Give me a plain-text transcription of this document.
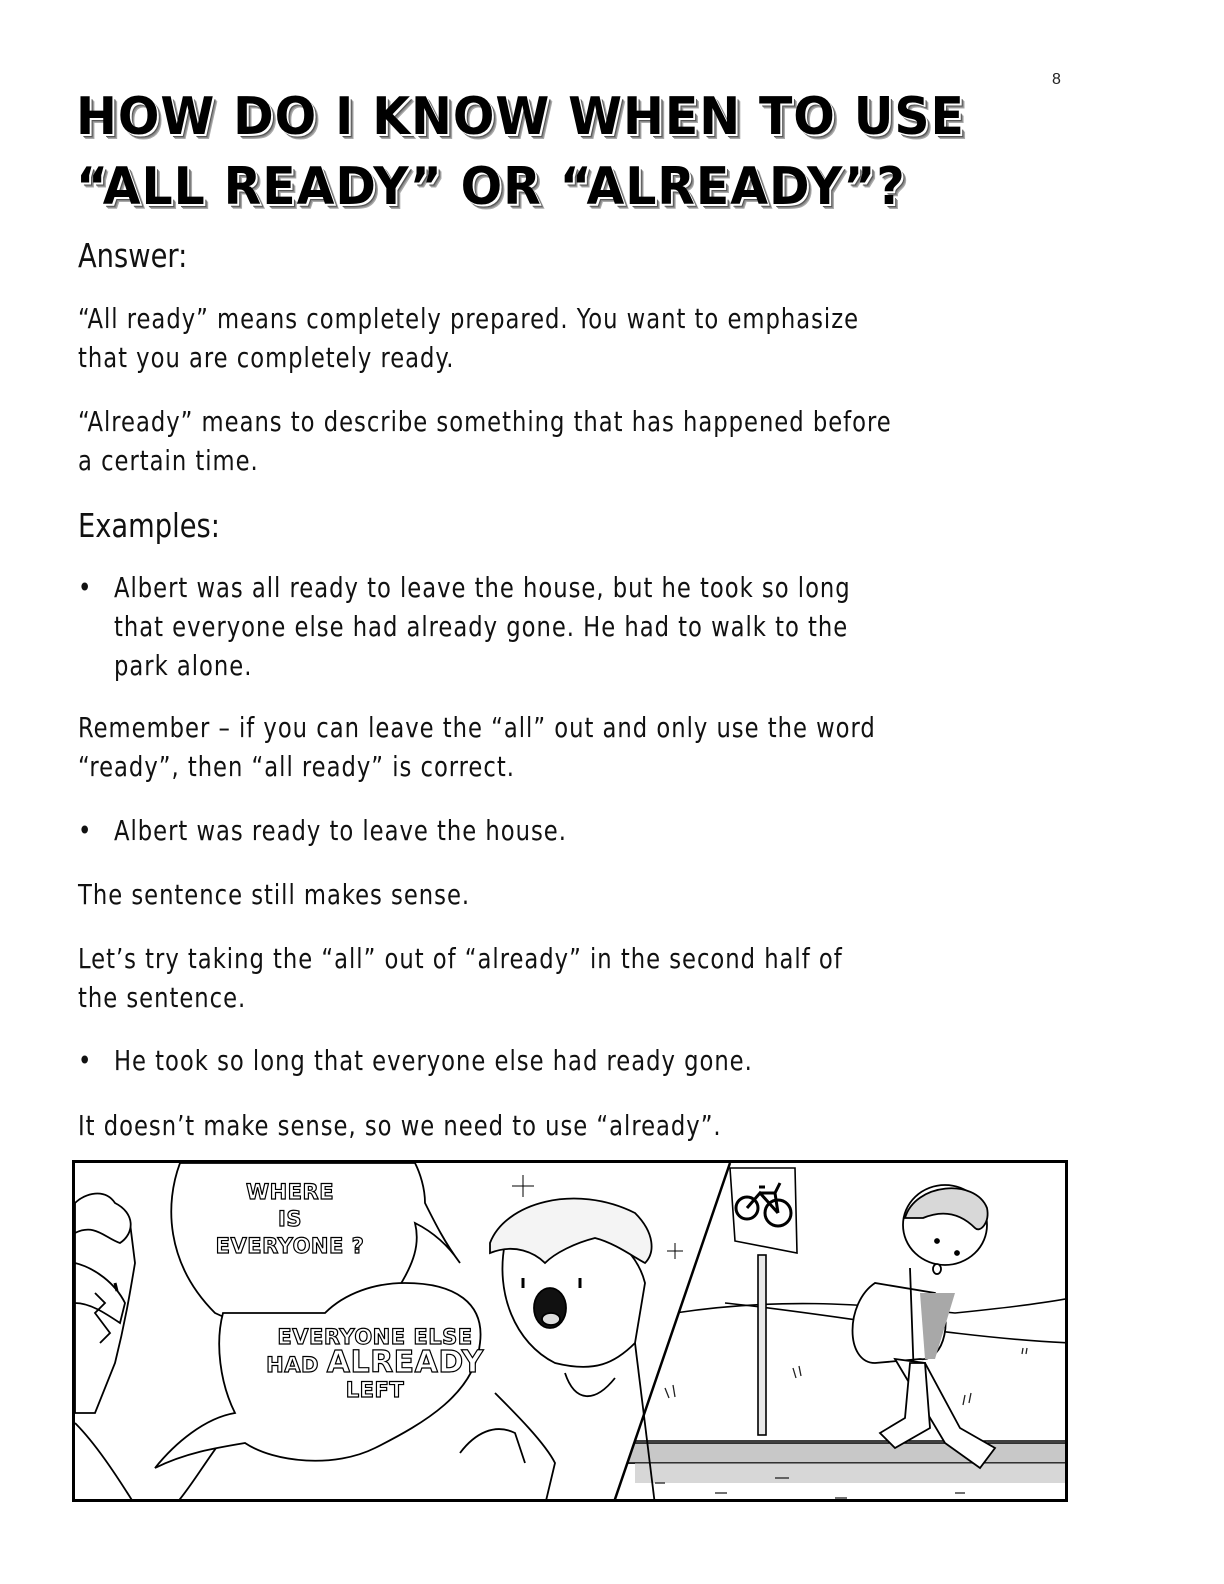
8
HOW DO I KNOW WHEN TO USE
“ALL READY” OR “ALREADY”?
Answer:

“All ready” means completely prepared. You want to emphasize
that you are completely ready.

“Already” means to describe something that has happened before
a certain time.

Examples:
• Albert was all ready to leave the house, but he took so long
that everyone else had already gone. He had to walk to the
park alone.

Remember – if you can leave the “all” out and only use the word
“ready”, then “all ready” is correct.

• Albert was ready to leave the house.

The sentence still makes sense.

Let’s try taking the “all” out of “already” in the second half of
the sentence.

• He took so long that everyone else had ready gone.

It doesn’t make sense, so we need to use “already”.

WHERE
IS
EVERYONE ?
EVERYONE ELSE
HAD ALREADY
LEFT
